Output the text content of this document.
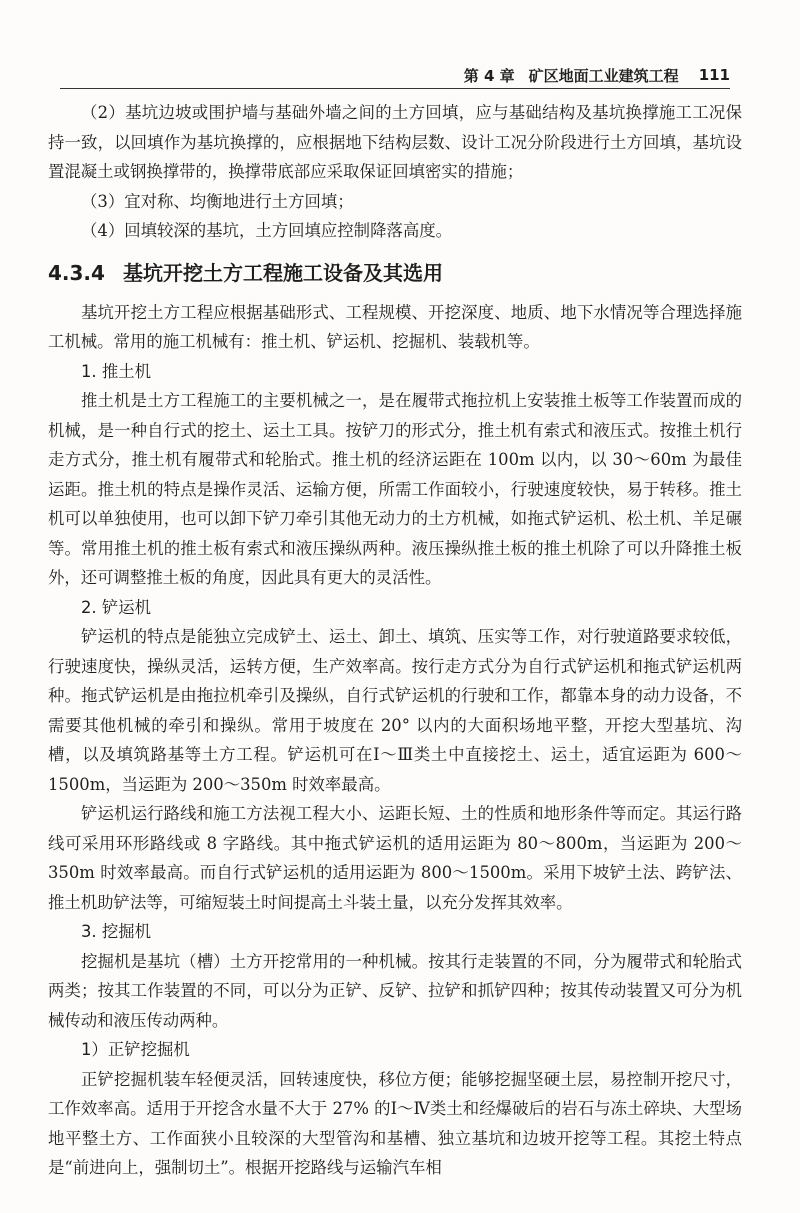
第 4 章 矿区地面工业建筑工程 111

（2）基坑边坡或围护墙与基础外墙之间的土方回填，应与基础结构及基坑换撑施工工况保持一致，以回填作为基坑换撑的，应根据地下结构层数、设计工况分阶段进行土方回填，基坑设置混凝土或钢换撑带的，换撑带底部应采取保证回填密实的措施；

（3）宜对称、均衡地进行土方回填；

（4）回填较深的基坑，土方回填应控制降落高度。

4.3.4 基坑开挖土方工程施工设备及其选用

基坑开挖土方工程应根据基础形式、工程规模、开挖深度、地质、地下水情况等合理选择施工机械。常用的施工机械有：推土机、铲运机、挖掘机、装载机等。

1. 推土机

推土机是土方工程施工的主要机械之一，是在履带式拖拉机上安装推土板等工作装置而成的机械，是一种自行式的挖土、运土工具。按铲刀的形式分，推土机有索式和液压式。按推土机行走方式分，推土机有履带式和轮胎式。推土机的经济运距在 100m 以内，以 30～60m 为最佳运距。推土机的特点是操作灵活、运输方便，所需工作面较小，行驶速度较快，易于转移。推土机可以单独使用，也可以卸下铲刀牵引其他无动力的土方机械，如拖式铲运机、松土机、羊足碾等。常用推土机的推土板有索式和液压操纵两种。液压操纵推土板的推土机除了可以升降推土板外，还可调整推土板的角度，因此具有更大的灵活性。

2. 铲运机

铲运机的特点是能独立完成铲土、运土、卸土、填筑、压实等工作，对行驶道路要求较低，行驶速度快，操纵灵活，运转方便，生产效率高。按行走方式分为自行式铲运机和拖式铲运机两种。拖式铲运机是由拖拉机牵引及操纵，自行式铲运机的行驶和工作，都靠本身的动力设备，不需要其他机械的牵引和操纵。常用于坡度在 20° 以内的大面积场地平整，开挖大型基坑、沟槽，以及填筑路基等土方工程。铲运机可在Ⅰ～Ⅲ类土中直接挖土、运土，适宜运距为 600～1500m，当运距为 200～350m 时效率最高。

铲运机运行路线和施工方法视工程大小、运距长短、土的性质和地形条件等而定。其运行路线可采用环形路线或 8 字路线。其中拖式铲运机的适用运距为 80～800m，当运距为 200～350m 时效率最高。而自行式铲运机的适用运距为 800～1500m。采用下坡铲土法、跨铲法、推土机助铲法等，可缩短装土时间提高土斗装土量，以充分发挥其效率。

3. 挖掘机

挖掘机是基坑（槽）土方开挖常用的一种机械。按其行走装置的不同，分为履带式和轮胎式两类；按其工作装置的不同，可以分为正铲、反铲、拉铲和抓铲四种；按其传动装置又可分为机械传动和液压传动两种。

1）正铲挖掘机

正铲挖掘机装车轻便灵活，回转速度快，移位方便；能够挖掘坚硬土层，易控制开挖尺寸，工作效率高。适用于开挖含水量不大于 27% 的Ⅰ～Ⅳ类土和经爆破后的岩石与冻土碎块、大型场地平整土方、工作面狭小且较深的大型管沟和基槽、独立基坑和边坡开挖等工程。其挖土特点是“前进向上，强制切土”。根据开挖路线与运输汽车相
